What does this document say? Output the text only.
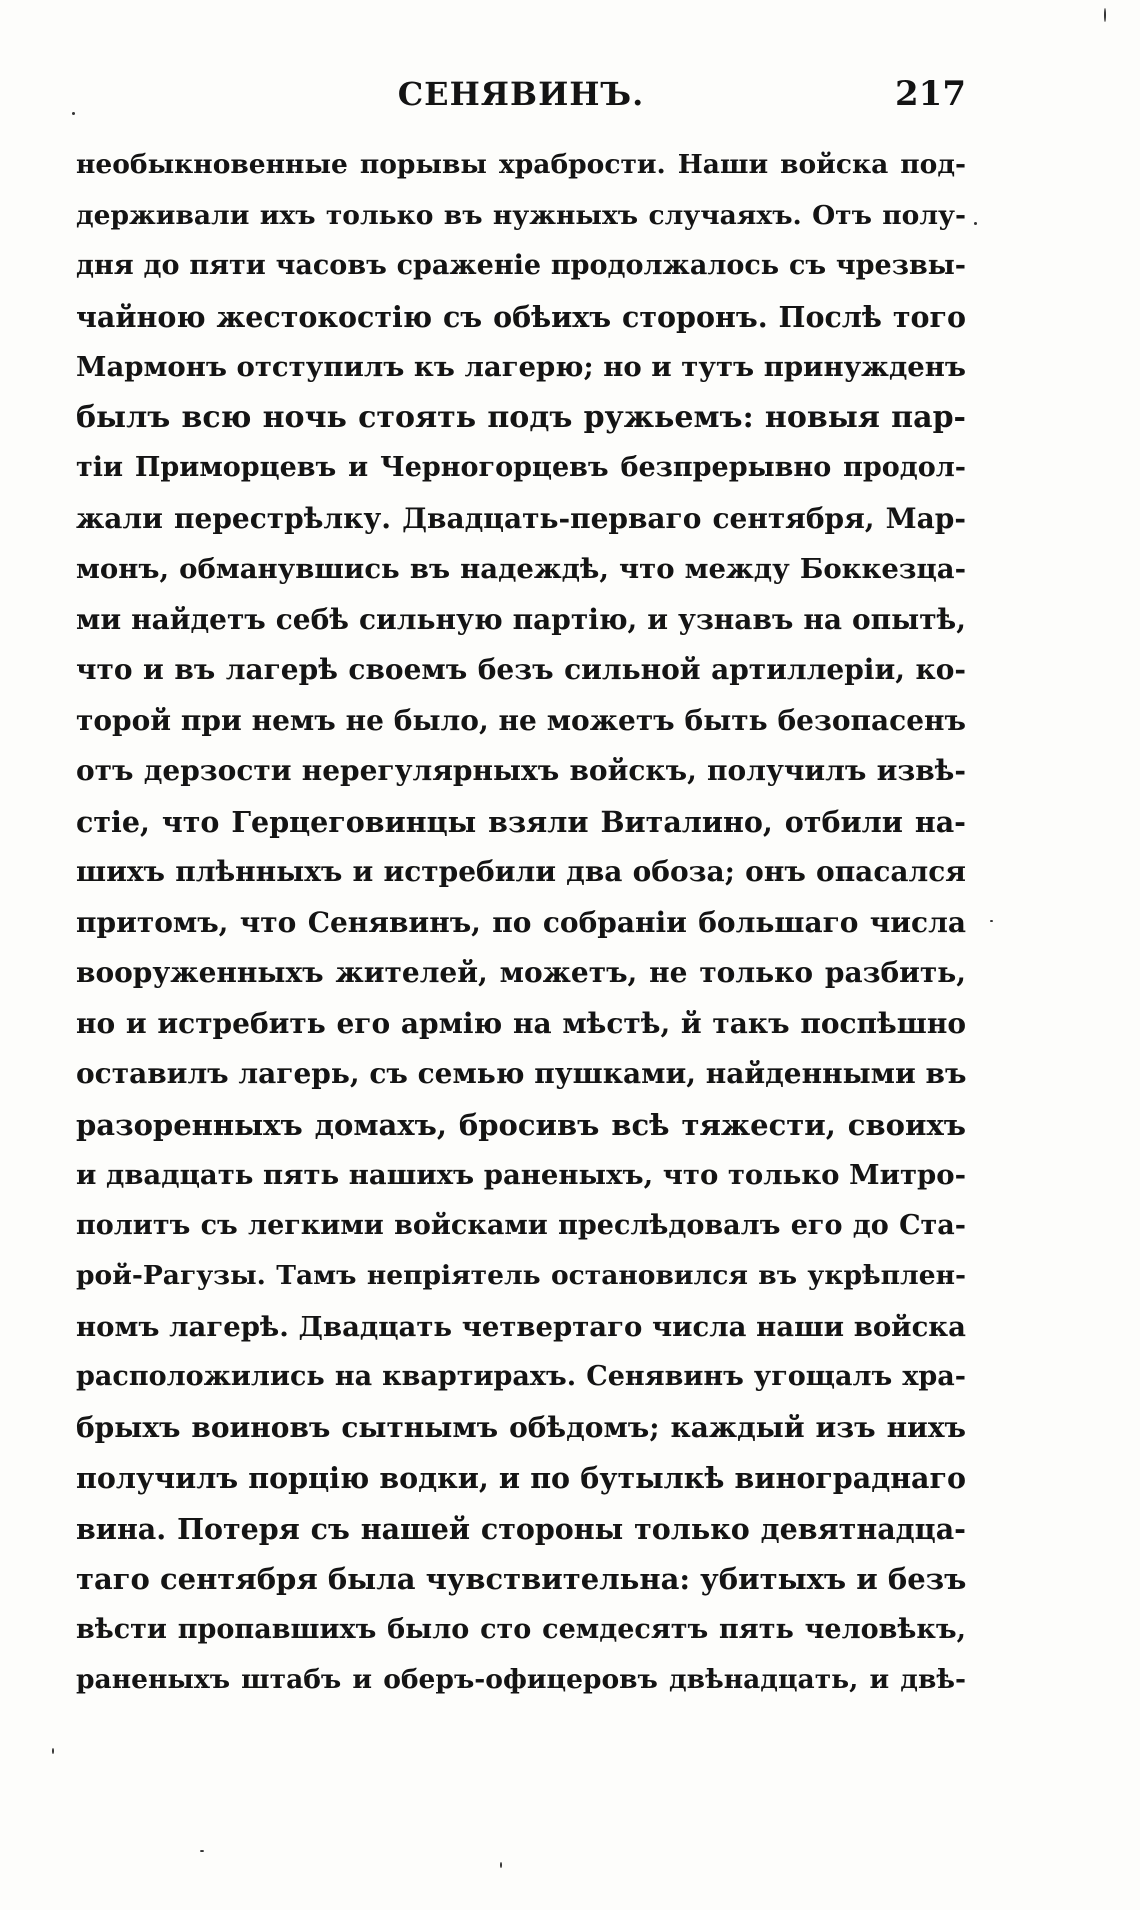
СЕНЯВИНЪ.	217
необыкновенные порывы храбрости. Наши войска под-
держивали ихъ только въ нужныхъ случаяхъ. Отъ полу-
дня до пяти часовъ сраженіе продолжалось съ чрезвы-
чайною жестокостію съ обѣихъ сторонъ. Послѣ того
Мармонъ отступилъ къ лагерю; но и тутъ принужденъ
былъ всю ночь стоять подъ ружьемъ: новыя пар-
тіи Приморцевъ и Черногорцевъ безпрерывно продол-
жали перестрѣлку. Двадцать-перваго сентября, Мар-
монъ, обманувшись въ надеждѣ, что между Боккезца-
ми найдетъ себѣ сильную партію, и узнавъ на опытѣ,
что и въ лагерѣ своемъ безъ сильной артиллеріи, ко-
торой при немъ не было, не можетъ быть безопасенъ
отъ дерзости нерегулярныхъ войскъ, получилъ извѣ-
стіе, что Герцеговинцы взяли Виталино, отбили на-
шихъ плѣнныхъ и истребили два обоза; онъ опасался
притомъ, что Сенявинъ, по собраніи большаго числа
вооруженныхъ жителей, можетъ, не только разбить,
но и истребить его армію на мѣстѣ, й такъ поспѣшно
оставилъ лагерь, съ семью пушками, найденными въ
разоренныхъ домахъ, бросивъ всѣ тяжести, своихъ
и двадцать пять нашихъ раненыхъ, что только Митро-
политъ съ легкими войсками преслѣдовалъ его до Ста-
рой-Рагузы. Тамъ непріятель остановился въ укрѣплен-
номъ лагерѣ. Двадцать четвертаго числа наши войска
расположились на квартирахъ. Сенявинъ угощалъ хра-
брыхъ воиновъ сытнымъ обѣдомъ; каждый изъ нихъ
получилъ порцію водки, и по бутылкѣ винограднаго
вина. Потеря съ нашей стороны только девятнадца-
таго сентября была чувствительна: убитыхъ и безъ
вѣсти пропавшихъ было сто семдесятъ пять человѣкъ,
раненыхъ штабъ и оберъ-офицеровъ двѣнадцать, и двѣ-
